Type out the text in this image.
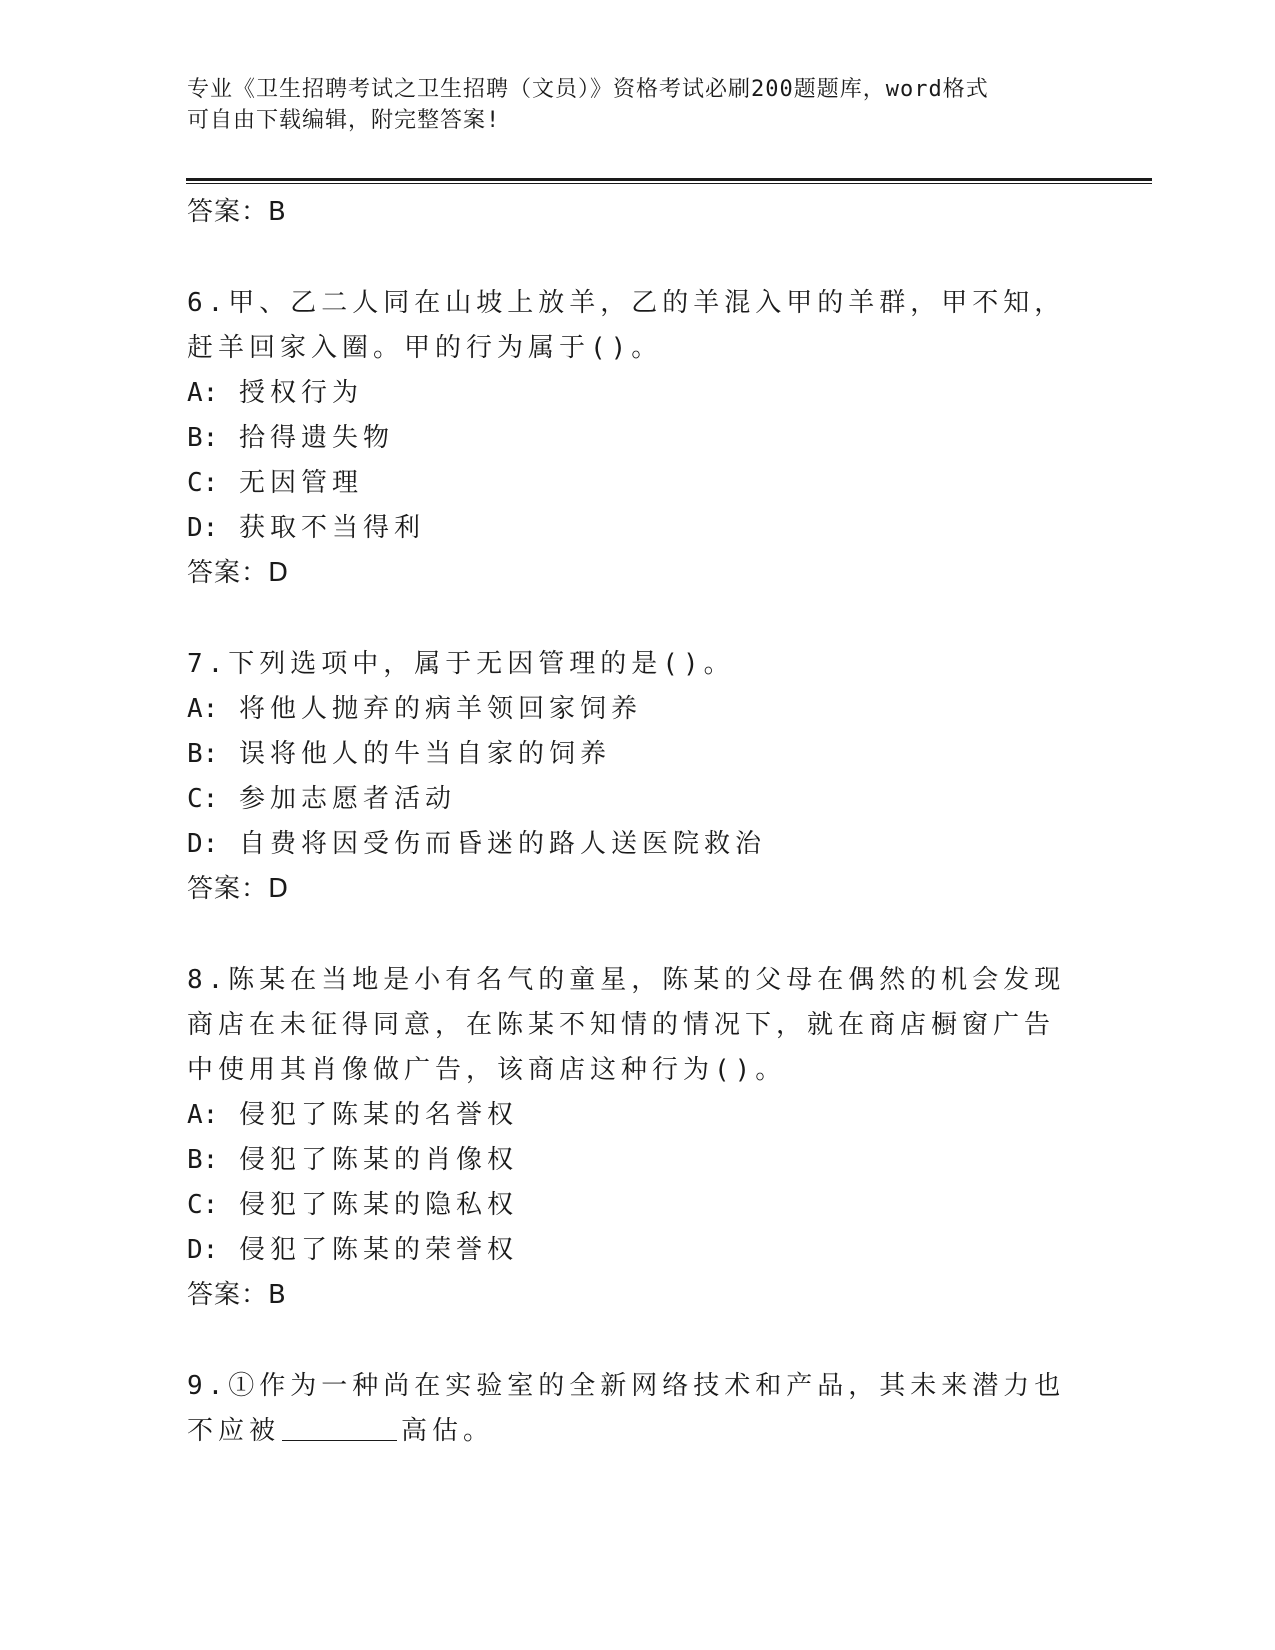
专业《卫生招聘考试之卫生招聘（文员）》资格考试必刷200题题库，word格式
可自由下载编辑，附完整答案!
答案：B
6.甲、乙二人同在山坡上放羊，乙的羊混入甲的羊群，甲不知，赶羊回家入圈。甲的行为属于()。
A: 授权行为
B: 拾得遗失物
C: 无因管理
D: 获取不当得利
答案：D
7.下列选项中，属于无因管理的是()。
A: 将他人抛弃的病羊领回家饲养
B: 误将他人的牛当自家的饲养
C: 参加志愿者活动
D: 自费将因受伤而昏迷的路人送医院救治
答案：D
8.陈某在当地是小有名气的童星，陈某的父母在偶然的机会发现商店在未征得同意，在陈某不知情的情况下，就在商店橱窗广告中使用其肖像做广告，该商店这种行为()。
A: 侵犯了陈某的名誉权
B: 侵犯了陈某的肖像权
C: 侵犯了陈某的隐私权
D: 侵犯了陈某的荣誉权
答案：B
9.①作为一种尚在实验室的全新网络技术和产品，其未来潜力也不应被	高估。
